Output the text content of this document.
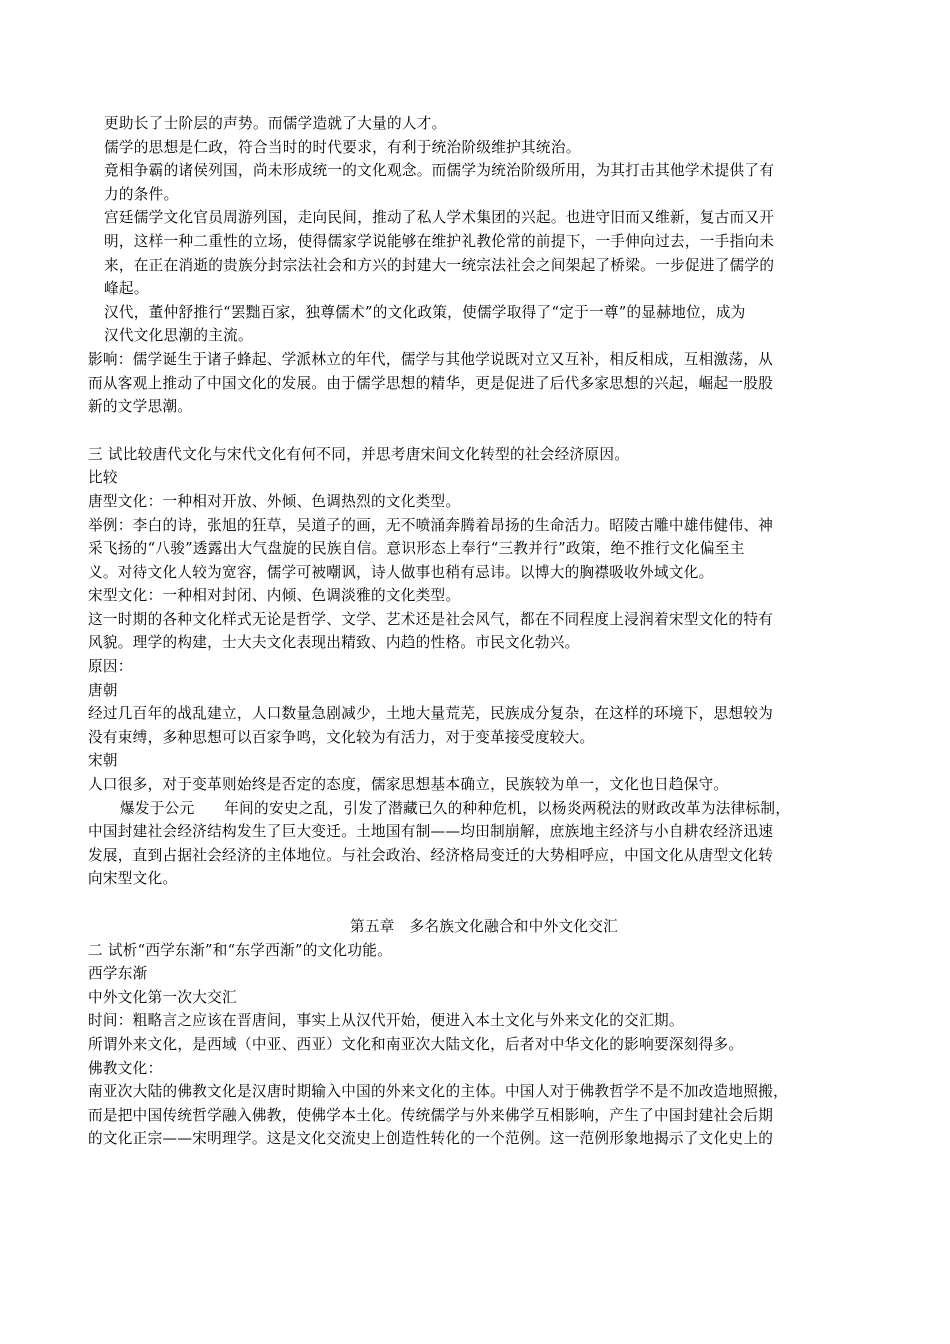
更助长了士阶层的声势。而儒学造就了大量的人才。
儒学的思想是仁政，符合当时的时代要求，有利于统治阶级维护其统治。
竟相争霸的诸侯列国，尚未形成统一的文化观念。而儒学为统治阶级所用，为其打击其他学术提供了有
力的条件。
宫廷儒学文化官员周游列国，走向民间，推动了私人学术集团的兴起。也进守旧而又维新，复古而又开
明，这样一种二重性的立场，使得儒家学说能够在维护礼教伦常的前提下，一手伸向过去，一手指向未
来，在正在消逝的贵族分封宗法社会和方兴的封建大一统宗法社会之间架起了桥梁。一步促进了儒学的
峰起。
汉代，董仲舒推行“罢黜百家，独尊儒术”的文化政策，使儒学取得了“定于一尊”的显赫地位，成为
汉代文化思潮的主流。
影响：儒学诞生于诸子蜂起、学派林立的年代，儒学与其他学说既对立又互补，相反相成，互相激荡，从
而从客观上推动了中国文化的发展。由于儒学思想的精华，更是促进了后代多家思想的兴起，崛起一股股
新的文学思潮。
三 试比较唐代文化与宋代文化有何不同，并思考唐宋间文化转型的社会经济原因。
比较
唐型文化：一种相对开放、外倾、色调热烈的文化类型。
举例：李白的诗，张旭的狂草，吴道子的画，无不喷涌奔腾着昂扬的生命活力。昭陵古雕中雄伟健伟、神
采飞扬的“八骏”透露出大气盘旋的民族自信。意识形态上奉行“三教并行”政策，绝不推行文化偏至主
义。对待文化人较为宽容，儒学可被嘲讽，诗人做事也稍有忌讳。以博大的胸襟吸收外域文化。
宋型文化：一种相对封闭、内倾、色调淡雅的文化类型。
这一时期的各种文化样式无论是哲学、文学、艺术还是社会风气，都在不同程度上浸润着宋型文化的特有
风貌。理学的构建，士大夫文化表现出精致、内趋的性格。市民文化勃兴。
原因：
唐朝
经过几百年的战乱建立，人口数量急剧减少，土地大量荒芜，民族成分复杂，在这样的环境下，思想较为
没有束缚，多种思想可以百家争鸣，文化较为有活力，对于变革接受度较大。
宋朝
人口很多，对于变革则始终是否定的态度，儒家思想基本确立，民族较为单一，文化也日趋保守。
爆发于公元　　年间的安史之乱，引发了潜藏已久的种种危机，以杨炎两税法的财政改革为法律标制，
中国封建社会经济结构发生了巨大变迁。土地国有制——均田制崩解，庶族地主经济与小自耕农经济迅速
发展，直到占据社会经济的主体地位。与社会政治、经济格局变迁的大势相呼应，中国文化从唐型文化转
向宋型文化。
第五章　多名族文化融合和中外文化交汇
二 试析“西学东渐”和“东学西渐”的文化功能。
西学东渐
中外文化第一次大交汇
时间：粗略言之应该在晋唐间，事实上从汉代开始，便进入本土文化与外来文化的交汇期。
所谓外来文化，是西域（中亚、西亚）文化和南亚次大陆文化，后者对中华文化的影响要深刻得多。
佛教文化：
南亚次大陆的佛教文化是汉唐时期输入中国的外来文化的主体。中国人对于佛教哲学不是不加改造地照搬，
而是把中国传统哲学融入佛教，使佛学本土化。传统儒学与外来佛学互相影响，产生了中国封建社会后期
的文化正宗——宋明理学。这是文化交流史上创造性转化的一个范例。这一范例形象地揭示了文化史上的
